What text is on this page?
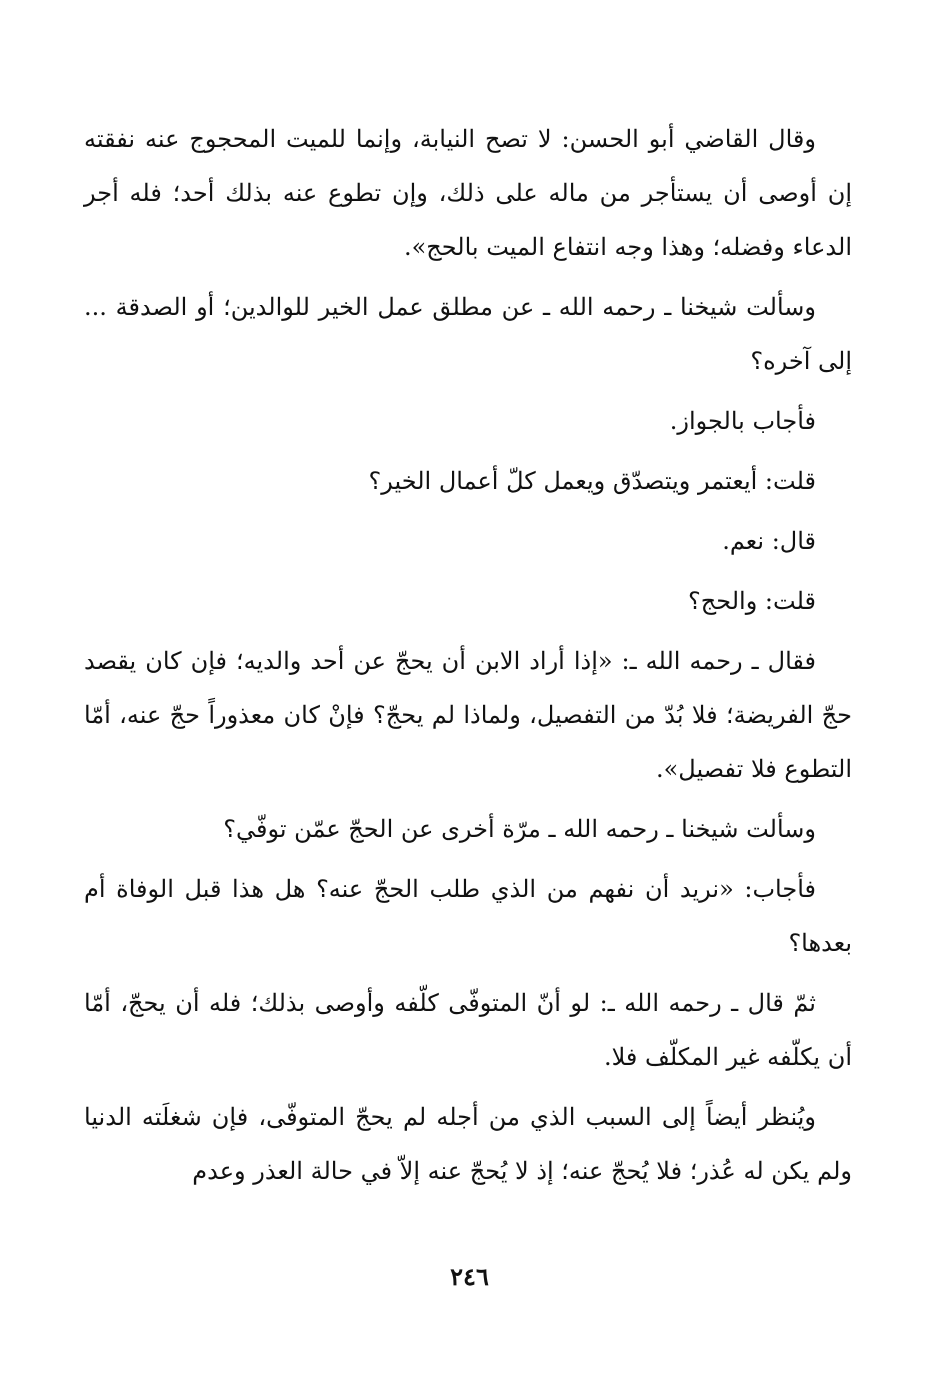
وقال القاضي أبو الحسن: لا تصح النيابة، وإنما للميت المحجوج عنه نفقته إن أوصى أن يستأجر من ماله على ذلك، وإن تطوع عنه بذلك أحد؛ فله أجر الدعاء وفضله؛ وهذا وجه انتفاع الميت بالحج».

وسألت شيخنا ـ رحمه الله ـ عن مطلق عمل الخير للوالدين؛ أو الصدقة ... إلى آخره؟

فأجاب بالجواز.

قلت: أيعتمر ويتصدّق ويعمل كلّ أعمال الخير؟

قال: نعم.

قلت: والحج؟

فقال ـ رحمه الله ـ: «إذا أراد الابن أن يحجّ عن أحد والديه؛ فإن كان يقصد حجّ الفريضة؛ فلا بُدّ من التفصيل، ولماذا لم يحجّ؟ فإنْ كان معذوراً حجّ عنه، أمّا التطوع فلا تفصيل».

وسألت شيخنا ـ رحمه الله ـ مرّة أخرى عن الحجّ عمّن توفّي؟

فأجاب: «نريد أن نفهم من الذي طلب الحجّ عنه؟ هل هذا قبل الوفاة أم بعدها؟

ثمّ قال ـ رحمه الله ـ: لو أنّ المتوفّى كلّفه وأوصى بذلك؛ فله أن يحجّ، أمّا أن يكلّفه غير المكلّف فلا.

ويُنظر أيضاً إلى السبب الذي من أجله لم يحجّ المتوفّى، فإن شغلَته الدنيا ولم يكن له عُذر؛ فلا يُحجّ عنه؛ إذ لا يُحجّ عنه إلاّ في حالة العذر وعدم

٢٤٦
